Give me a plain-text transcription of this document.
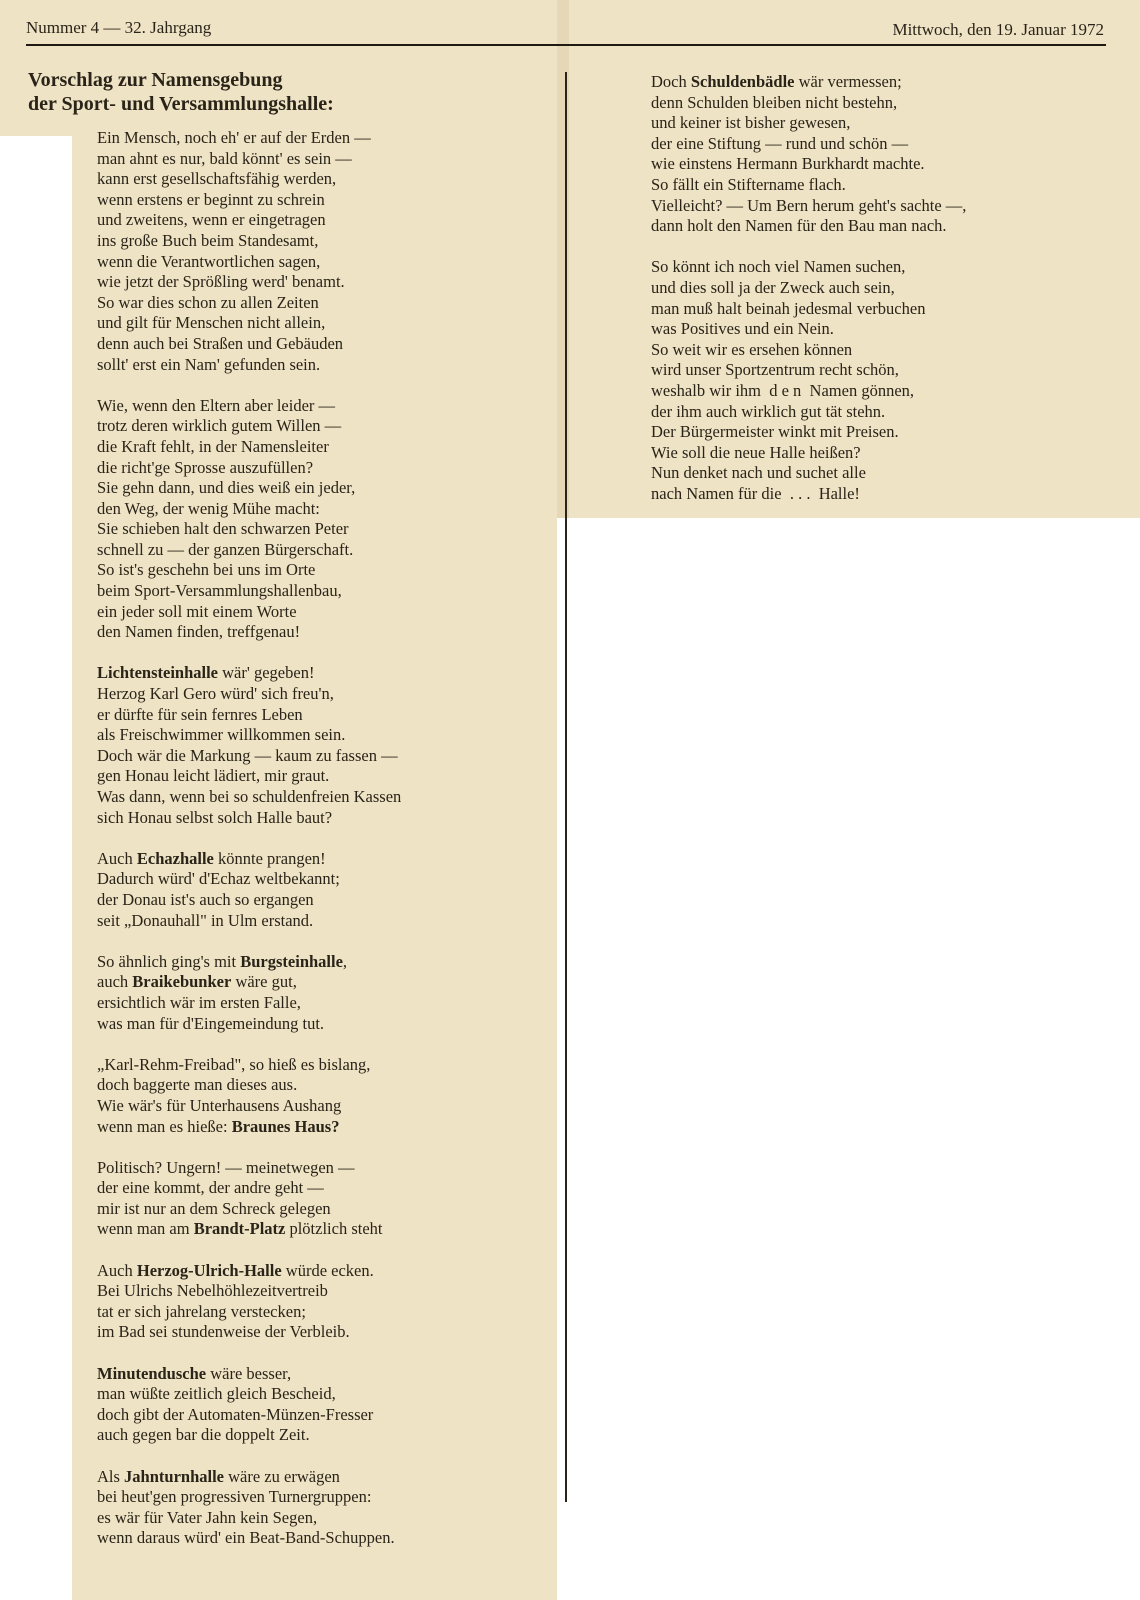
Nummer 4 — 32. Jahrgang	Mittwoch, den 19. Januar 1972
Vorschlag zur Namensgebung
der Sport- und Versammlungshalle:
Ein Mensch, noch eh' er auf der Erden —
man ahnt es nur, bald könnt' es sein —
kann erst gesellschaftsfähig werden,
wenn erstens er beginnt zu schrein
und zweitens, wenn er eingetragen
ins große Buch beim Standesamt,
wenn die Verantwortlichen sagen,
wie jetzt der Sprößling werd' benamt.
So war dies schon zu allen Zeiten
und gilt für Menschen nicht allein,
denn auch bei Straßen und Gebäuden
sollt' erst ein Nam' gefunden sein.
Wie, wenn den Eltern aber leider —
trotz deren wirklich gutem Willen —
die Kraft fehlt, in der Namensleiter
die richt'ge Sprosse auszufüllen?
Sie gehn dann, und dies weiß ein jeder,
den Weg, der wenig Mühe macht:
Sie schieben halt den schwarzen Peter
schnell zu — der ganzen Bürgerschaft.
So ist's geschehn bei uns im Orte
beim Sport-Versammlungshallenbau,
ein jeder soll mit einem Worte
den Namen finden, treffgenau!
Lichtensteinhalle wär' gegeben!
Herzog Karl Gero würd' sich freu'n,
er dürfte für sein fernres Leben
als Freischwimmer willkommen sein.
Doch wär die Markung — kaum zu fassen —
gen Honau leicht lädiert, mir graut.
Was dann, wenn bei so schuldenfreien Kassen
sich Honau selbst solch Halle baut?
Auch Echazhalle könnte prangen!
Dadurch würd' d'Echaz weltbekannt;
der Donau ist's auch so ergangen
seit „Donauhall" in Ulm erstand.
So ähnlich ging's mit Burgsteinhalle,
auch Braikebunker wäre gut,
ersichtlich wär im ersten Falle,
was man für d'Eingemeindung tut.
„Karl-Rehm-Freibad", so hieß es bislang,
doch baggerte man dieses aus.
Wie wär's für Unterhausens Aushang
wenn man es hieße: Braunes Haus?
Politisch? Ungern! — meinetwegen —
der eine kommt, der andre geht —
mir ist nur an dem Schreck gelegen
wenn man am Brandt-Platz plötzlich steht
Auch Herzog-Ulrich-Halle würde ecken.
Bei Ulrichs Nebelhöhlezeitvertreib
tat er sich jahrelang verstecken;
im Bad sei stundenweise der Verbleib.
Minutendusche wäre besser,
man wüßte zeitlich gleich Bescheid,
doch gibt der Automaten-Münzen-Fresser
auch gegen bar die doppelt Zeit.
Als Jahnturnhalle wäre zu erwägen
bei heut'gen progressiven Turnergruppen:
es wär für Vater Jahn kein Segen,
wenn daraus würd' ein Beat-Band-Schuppen.
Doch Schuldenbädle wär vermessen;
denn Schulden bleiben nicht bestehn,
und keiner ist bisher gewesen,
der eine Stiftung — rund und schön —
wie einstens Hermann Burkhardt machte.
So fällt ein Stiftername flach.
Vielleicht? — Um Bern herum geht's sachte —,
dann holt den Namen für den Bau man nach.
So könnt ich noch viel Namen suchen,
und dies soll ja der Zweck auch sein,
man muß halt beinah jedesmal verbuchen
was Positives und ein Nein.
So weit wir es ersehen können
wird unser Sportzentrum recht schön,
weshalb wir ihm  d e n  Namen gönnen,
der ihm auch wirklich gut tät stehn.
Der Bürgermeister winkt mit Preisen.
Wie soll die neue Halle heißen?
Nun denket nach und suchet alle
nach Namen für die  . . .  Halle!
